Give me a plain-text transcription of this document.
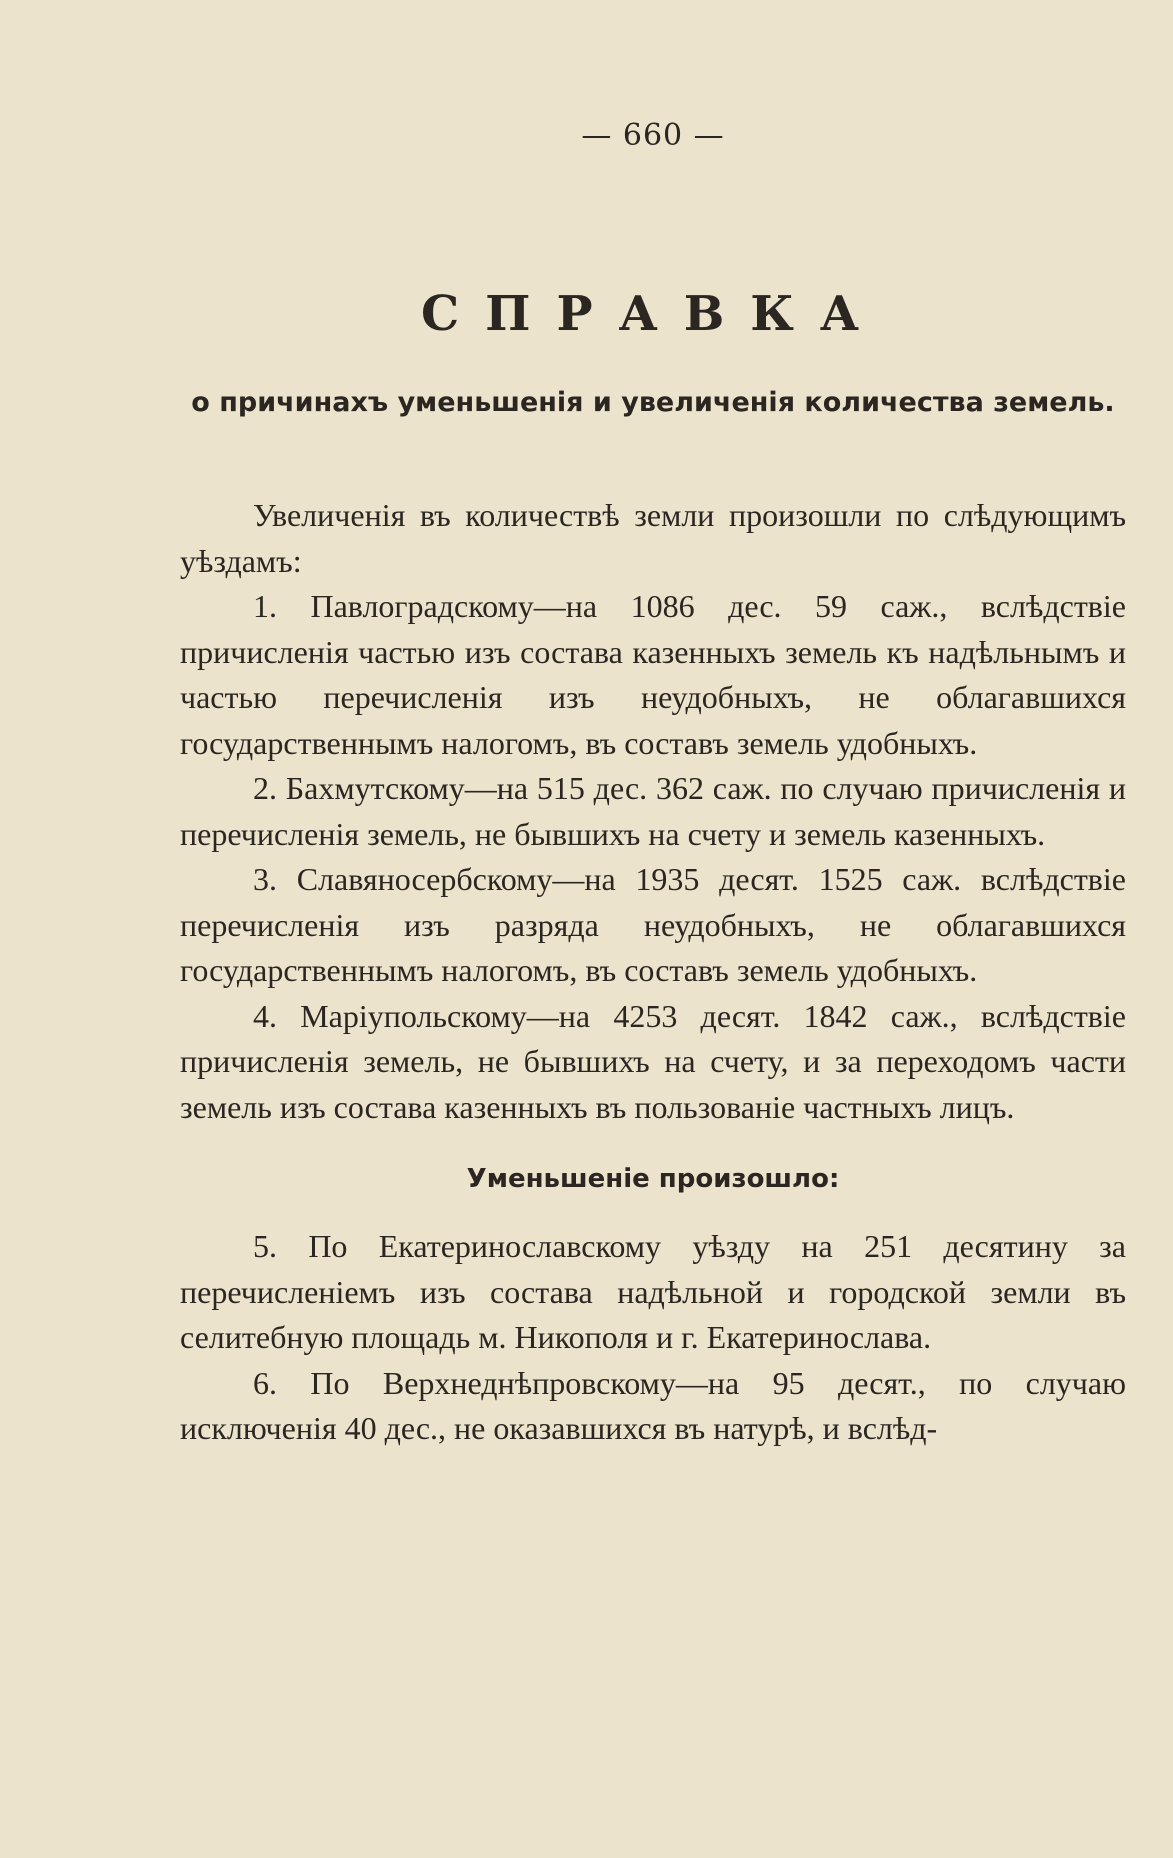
— 660 —
СПРАВКА
о причинахъ уменьшенія и увеличенія количества земель.

Увеличенія въ количествѣ земли произошли по слѣдующимъ уѣздамъ:

1. Павлоградскому—на 1086 дес. 59 саж., вслѣдствіе причисленія частью изъ состава казенныхъ земель къ надѣльнымъ и частью перечисленія изъ неудобныхъ, не облагавшихся государственнымъ налогомъ, въ составъ земель удобныхъ.

2. Бахмутскому—на 515 дес. 362 саж. по случаю причисленія и перечисленія земель, не бывшихъ на счету и земель казенныхъ.

3. Славяносербскому—на 1935 десят. 1525 саж. вслѣдствіе перечисленія изъ разряда неудобныхъ, не облагавшихся государственнымъ налогомъ, въ составъ земель удобныхъ.

4. Маріупольскому—на 4253 десят. 1842 саж., вслѣдствіе причисленія земель, не бывшихъ на счету, и за переходомъ части земель изъ состава казенныхъ въ пользованіе частныхъ лицъ.

Уменьшеніе произошло:

5. По Екатеринославскому уѣзду на 251 десятину за перечисленіемъ изъ состава надѣльной и городской земли въ селитебную площадь м. Никополя и г. Екатеринослава.

6. По Верхнеднѣпровскому—на 95 десят., по случаю исключенія 40 дес., не оказавшихся въ натурѣ, и вслѣд-
